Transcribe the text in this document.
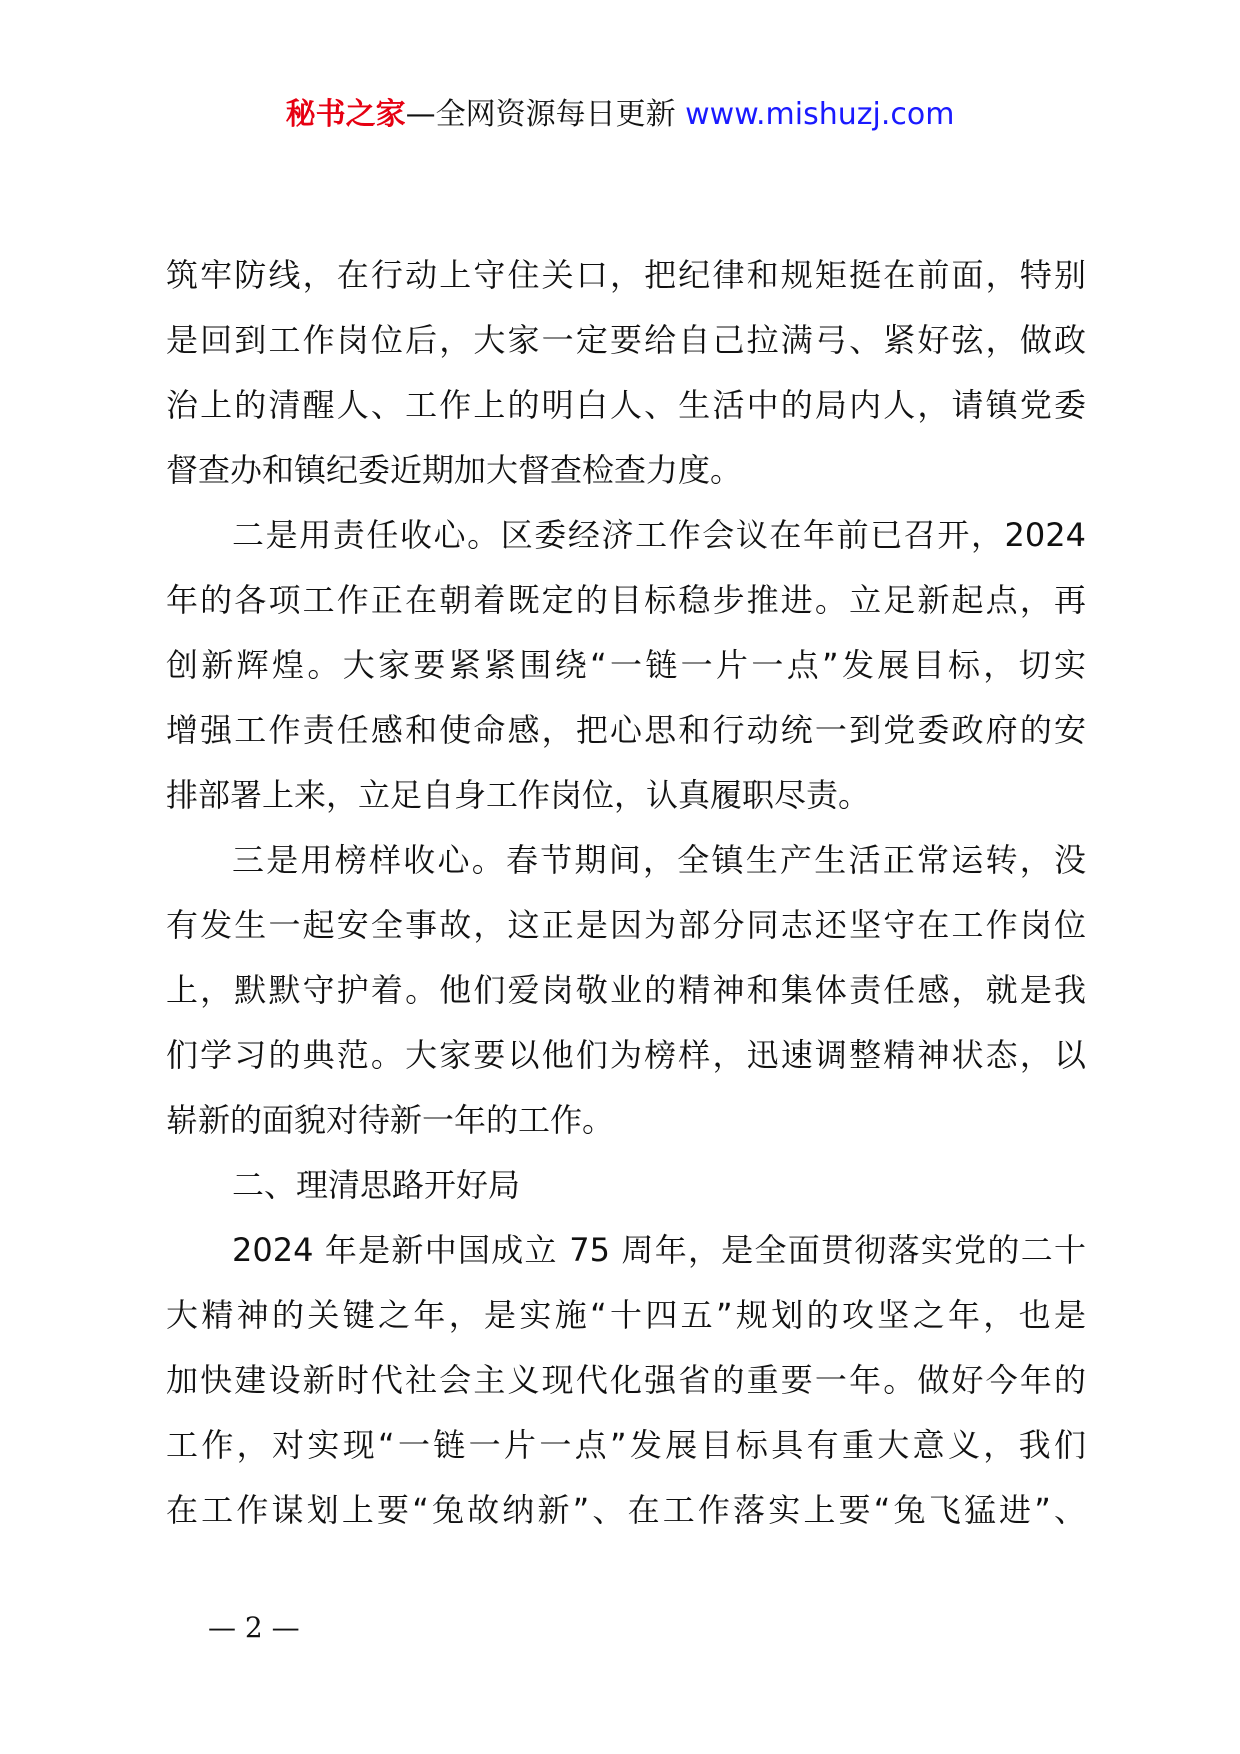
秘书之家—全网资源每日更新 www.mishuzj.com
筑牢防线，在行动上守住关口，把纪律和规矩挺在前面，特别
是回到工作岗位后，大家一定要给自己拉满弓、紧好弦，做政
治上的清醒人、工作上的明白人、生活中的局内人，请镇党委
督查办和镇纪委近期加大督查检查力度。
二是用责任收心。区委经济工作会议在年前已召开，2024
年的各项工作正在朝着既定的目标稳步推进。立足新起点，再
创新辉煌。大家要紧紧围绕“一链一片一点”发展目标，切实
增强工作责任感和使命感，把心思和行动统一到党委政府的安
排部署上来，立足自身工作岗位，认真履职尽责。
三是用榜样收心。春节期间，全镇生产生活正常运转，没
有发生一起安全事故，这正是因为部分同志还坚守在工作岗位
上，默默守护着。他们爱岗敬业的精神和集体责任感，就是我
们学习的典范。大家要以他们为榜样，迅速调整精神状态，以
崭新的面貌对待新一年的工作。
二、理清思路开好局
2024 年是新中国成立 75 周年，是全面贯彻落实党的二十
大精神的关键之年，是实施“十四五”规划的攻坚之年，也是
加快建设新时代社会主义现代化强省的重要一年。做好今年的
工作，对实现“一链一片一点”发展目标具有重大意义，我们
在工作谋划上要“兔故纳新”、在工作落实上要“兔飞猛进”、
— 2 —
